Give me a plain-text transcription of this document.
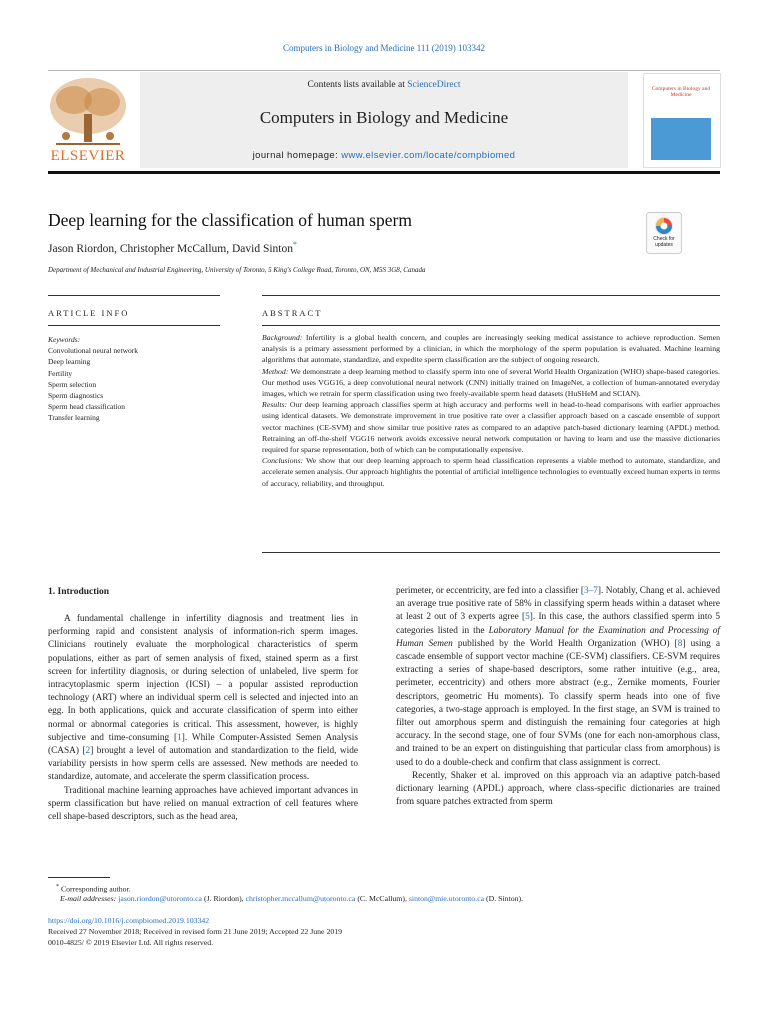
Computers in Biology and Medicine 111 (2019) 103342
ELSEVIER
Contents lists available at ScienceDirect
Computers in Biology and Medicine
journal homepage: www.elsevier.com/locate/compbiomed
Computers in Biology and Medicine
Deep learning for the classification of human sperm
Jason Riordon, Christopher McCallum, David Sinton*
Check for updates
Department of Mechanical and Industrial Engineering, University of Toronto, 5 King's College Road, Toronto, ON, M5S 3G8, Canada
ARTICLE INFO
Keywords:
Convolutional neural network
Deep learning
Fertility
Sperm selection
Sperm diagnostics
Sperm head classification
Transfer learning
ABSTRACT

Background: Infertility is a global health concern, and couples are increasingly seeking medical assistance to achieve reproduction. Semen analysis is a primary assessment performed by a clinician, in which the morphology of the sperm population is evaluated. Machine learning algorithms that automate, standardize, and expedite sperm classification are the subject of ongoing research.

Method: We demonstrate a deep learning method to classify sperm into one of several World Health Organization (WHO) shape-based categories. Our method uses VGG16, a deep convolutional neural network (CNN) initially trained on ImageNet, a collection of human-annotated everyday images, which we retrain for sperm classification using two freely-available sperm head datasets (HuSHeM and SCIAN).

Results: Our deep learning approach classifies sperm at high accuracy and performs well in head-to-head comparisons with earlier approaches using identical datasets. We demonstrate improvement in true positive rate over a classifier approach based on a cascade ensemble of support vector machines (CE-SVM) and show similar true positive rates as compared to an adaptive patch-based dictionary learning (APDL) method. Retraining an off-the-shelf VGG16 network avoids excessive neural network computation or having to learn and use the massive dictionaries required for sparse representation, both of which can be computationally expensive.

Conclusions: We show that our deep learning approach to sperm head classification represents a viable method to automate, standardize, and accelerate semen analysis. Our approach highlights the potential of artificial intelligence technologies to eventually exceed human experts in terms of accuracy, reliability, and throughput.

1. Introduction

A fundamental challenge in infertility diagnosis and treatment lies in performing rapid and consistent analysis of information-rich sperm images. Clinicians routinely evaluate the morphological characteristics of sperm populations, either as part of semen analysis of fixed, stained sperm as a first screen for infertility diagnosis, or during selection of unlabeled, live sperm for intracytoplasmic sperm injection (ICSI) – a popular assisted reproduction technology (ART) where an individual sperm cell is selected and injected into an egg. In both applications, quick and accurate classification of sperm into either normal or abnormal categories is critical. This assessment, however, is highly subjective and time-consuming [1]. While Computer-Assisted Semen Analysis (CASA) [2] brought a level of automation and standardization to the field, wide variability persists in how sperm cells are assessed. New methods are needed to standardize, automate, and accelerate the sperm classification process.

Traditional machine learning approaches have achieved important advances in sperm classification but have relied on manual extraction of cell features where cell shape-based descriptors, such as the head area,

perimeter, or eccentricity, are fed into a classifier [3–7]. Notably, Chang et al. achieved an average true positive rate of 58% in classifying sperm heads within a dataset where at least 2 out of 3 experts agree [5]. In this case, the authors classified sperm into 5 categories listed in the Laboratory Manual for the Examination and Processing of Human Semen published by the World Health Organization (WHO) [8] using a cascade ensemble of support vector machine (CE-SVM) classifiers. CE-SVM requires extracting a series of shape-based descriptors, some rather intuitive (e.g., area, perimeter, eccentricity) and others more abstract (e.g., Zernike moments, Fourier descriptors, geometric Hu moments). To classify sperm heads into one of five categories, a two-stage approach is employed. In the first stage, an SVM is trained to filter out amorphous sperm and distinguish the remaining four categories at high accuracy. In the second stage, one of four SVMs (one for each non-amorphous class, and trained to be an expert on distinguishing that particular class from amorphous) is used to do a double-check and confirm that class assignment is correct.

Recently, Shaker et al. improved on this approach via an adaptive patch-based dictionary learning (APDL) approach, where class-specific dictionaries are trained from square patches extracted from sperm

* Corresponding author.
E-mail addresses: jason.riordon@utoronto.ca (J. Riordon), christopher.mccallum@utoronto.ca (C. McCallum), sinton@mie.utoronto.ca (D. Sinton).
https://doi.org/10.1016/j.compbiomed.2019.103342
Received 27 November 2018; Received in revised form 21 June 2019; Accepted 22 June 2019
0010-4825/ © 2019 Elsevier Ltd. All rights reserved.
